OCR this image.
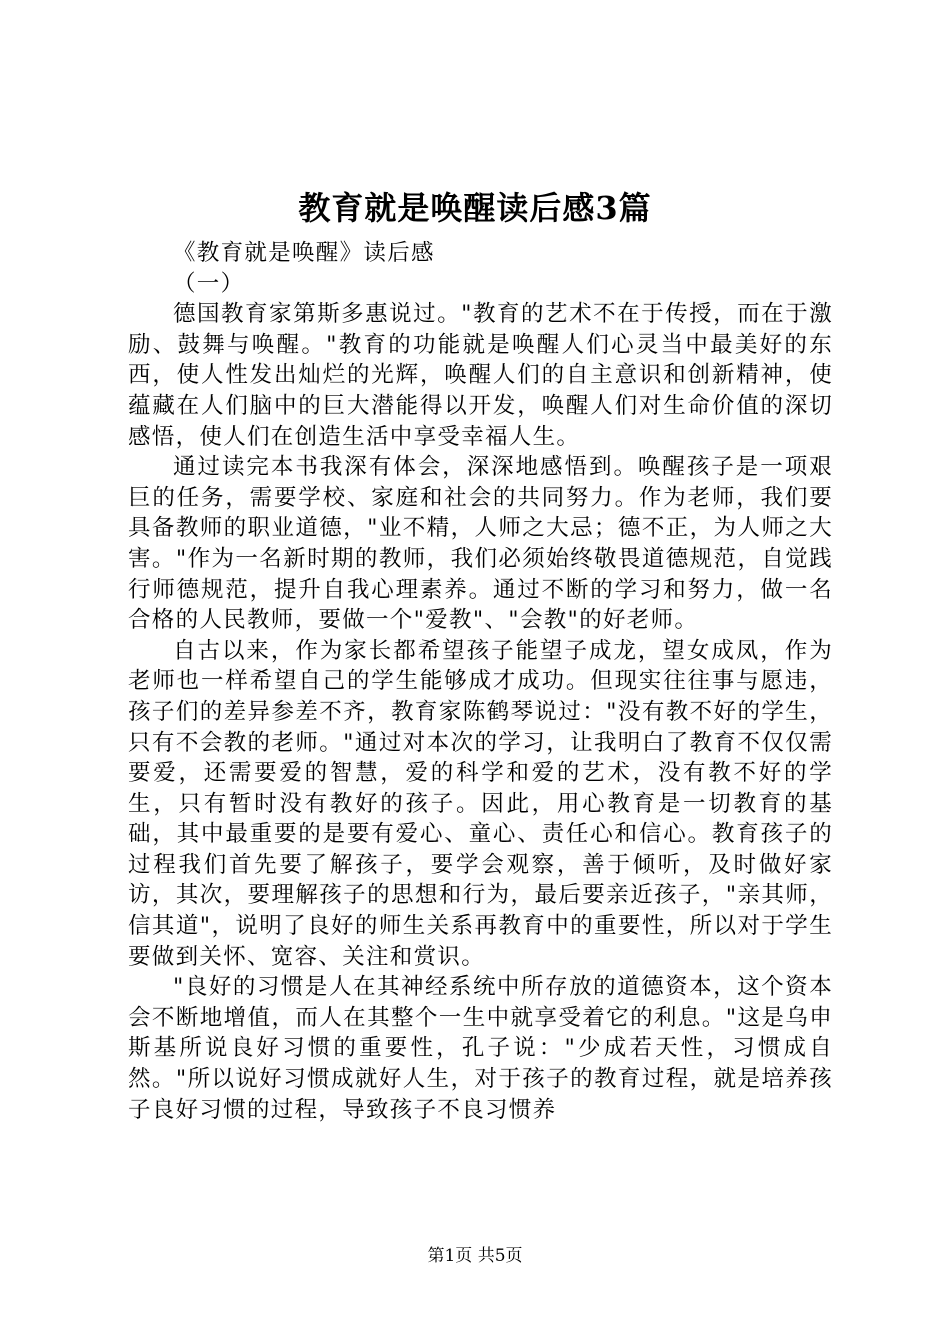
教育就是唤醒读后感3篇

《教育就是唤醒》读后感

（一）

德国教育家第斯多惠说过。"教育的艺术不在于传授，而在于激励、鼓舞与唤醒。"教育的功能就是唤醒人们心灵当中最美好的东西，使人性发出灿烂的光辉，唤醒人们的自主意识和创新精神，使蕴藏在人们脑中的巨大潜能得以开发，唤醒人们对生命价值的深切感悟，使人们在创造生活中享受幸福人生。

通过读完本书我深有体会，深深地感悟到。唤醒孩子是一项艰巨的任务，需要学校、家庭和社会的共同努力。作为老师，我们要具备教师的职业道德，"业不精，人师之大忌；德不正，为人师之大害。"作为一名新时期的教师，我们必须始终敬畏道德规范，自觉践行师德规范，提升自我心理素养。通过不断的学习和努力，做一名合格的人民教师，要做一个"爱教"、"会教"的好老师。

自古以来，作为家长都希望孩子能望子成龙，望女成凤，作为老师也一样希望自己的学生能够成才成功。但现实往往事与愿违，孩子们的差异参差不齐，教育家陈鹤琴说过："没有教不好的学生，只有不会教的老师。"通过对本次的学习，让我明白了教育不仅仅需要爱，还需要爱的智慧，爱的科学和爱的艺术，没有教不好的学生，只有暂时没有教好的孩子。因此，用心教育是一切教育的基础，其中最重要的是要有爱心、童心、责任心和信心。教育孩子的过程我们首先要了解孩子，要学会观察，善于倾听，及时做好家访，其次，要理解孩子的思想和行为，最后要亲近孩子，"亲其师，信其道"，说明了良好的师生关系再教育中的重要性，所以对于学生要做到关怀、宽容、关注和赏识。

"良好的习惯是人在其神经系统中所存放的道德资本，这个资本会不断地增值，而人在其整个一生中就享受着它的利息。"这是乌申斯基所说良好习惯的重要性，孔子说："少成若天性，习惯成自然。"所以说好习惯成就好人生，对于孩子的教育过程，就是培养孩子良好习惯的过程，导致孩子不良习惯养

第1页 共5页
